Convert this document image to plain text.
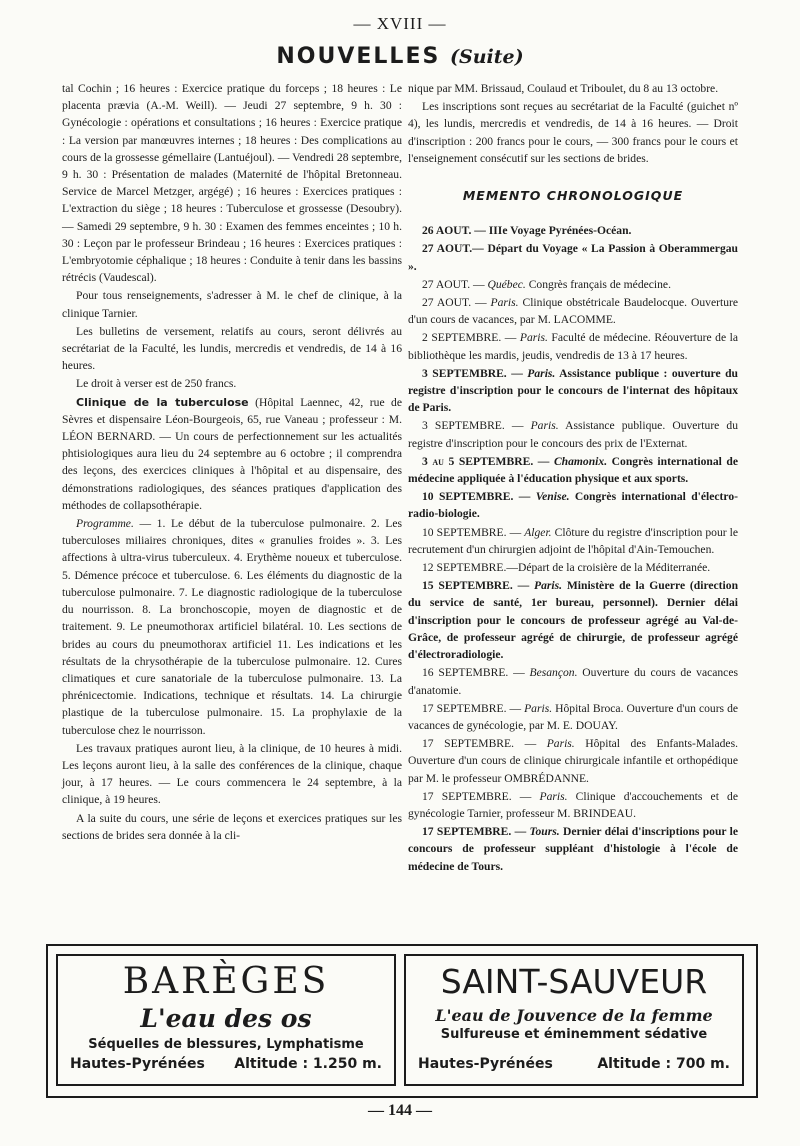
— XVIII —
NOUVELLES (Suite)

tal Cochin ; 16 heures : Exercice pratique du forceps ; 18 heures : Le placenta prævia (A.-M. Weill). — Jeudi 27 septembre, 9 h. 30 : Gynécologie : opérations et consultations ; 16 heures : Exercice pratique : La version par manœuvres internes ; 18 heures : Des complications au cours de la grossesse gémellaire (Lantuéjoul). — Vendredi 28 septembre, 9 h. 30 : Présentation de malades (Maternité de l'hôpital Bretonneau. Service de Marcel Metzger, argégé) ; 16 heures : Exercices pratiques : L'extraction du siège ; 18 heures : Tuberculose et grossesse (Desoubry). — Samedi 29 septembre, 9 h. 30 : Examen des femmes enceintes ; 10 h. 30 : Leçon par le professeur Brindeau ; 16 heures : Exercices pratiques : L'embryotomie céphalique ; 18 heures : Conduite à tenir dans les bassins rétrécis (Vaudescal).

Pour tous renseignements, s'adresser à M. le chef de clinique, à la clinique Tarnier.

Les bulletins de versement, relatifs au cours, seront délivrés au secrétariat de la Faculté, les lundis, mercredis et vendredis, de 14 à 16 heures.

Le droit à verser est de 250 francs.

Clinique de la tuberculose (Hôpital Laennec, 42, rue de Sèvres et dispensaire Léon-Bourgeois, 65, rue Vaneau ; professeur : M. LÉON BERNARD. — Un cours de perfectionnement sur les actualités phtisiologiques aura lieu du 24 septembre au 6 octobre ; il comprendra des leçons, des exercices cliniques à l'hôpital et au dispensaire, des démonstrations radiologiques, des séances pratiques d'application des méthodes de collapsothérapie.

Programme. — 1. Le début de la tuberculose pulmonaire. 2. Les tuberculoses miliaires chroniques, dites « granulies froides ». 3. Les affections à ultra-virus tuberculeux. 4. Erythème noueux et tuberculose. 5. Démence précoce et tuberculose. 6. Les éléments du diagnostic de la tuberculose pulmonaire. 7. Le diagnostic radiologique de la tuberculose du nourrisson. 8. La bronchoscopie, moyen de diagnostic et de traitement. 9. Le pneumothorax artificiel bilatéral. 10. Les sections de brides au cours du pneumothorax artificiel 11. Les indications et les résultats de la chrysothérapie de la tuberculose pulmonaire. 12. Cures climatiques et cure sanatoriale de la tuberculose pulmonaire. 13. La phrénicectomie. Indications, technique et résultats. 14. La chirurgie plastique de la tuberculose pulmonaire. 15. La prophylaxie de la tuberculose chez le nourrisson.

Les travaux pratiques auront lieu, à la clinique, de 10 heures à midi. Les leçons auront lieu, à la salle des conférences de la clinique, chaque jour, à 17 heures. — Le cours commencera le 24 septembre, à la clinique, à 19 heures.

A la suite du cours, une série de leçons et exercices pratiques sur les sections de brides sera donnée à la cli-

nique par MM. Brissaud, Coulaud et Triboulet, du 8 au 13 octobre.

Les inscriptions sont reçues au secrétariat de la Faculté (guichet nº 4), les lundis, mercredis et vendredis, de 14 à 16 heures. — Droit d'inscription : 200 francs pour le cours, — 300 francs pour le cours et l'enseignement consécutif sur les sections de brides.

MEMENTO CHRONOLOGIQUE

26 AOUT. — IIIe Voyage Pyrénées-Océan.

27 AOUT.— Départ du Voyage « La Passion à Oberammergau ».

27 AOUT. — Québec. Congrès français de médecine.

27 AOUT. — Paris. Clinique obstétricale Baudelocque. Ouverture d'un cours de vacances, par M. LACOMME.

2 SEPTEMBRE. — Paris. Faculté de médecine. Réouverture de la bibliothèque les mardis, jeudis, vendredis de 13 à 17 heures.

3 SEPTEMBRE. — Paris. Assistance publique : ouverture du registre d'inscription pour le concours de l'internat des hôpitaux de Paris.

3 SEPTEMBRE. — Paris. Assistance publique. Ouverture du registre d'inscription pour le concours des prix de l'Externat.

3 au 5 SEPTEMBRE. — Chamonix. Congrès international de médecine appliquée à l'éducation physique et aux sports.

10 SEPTEMBRE. — Venise. Congrès international d'électro-radio-biologie.

10 SEPTEMBRE. — Alger. Clôture du registre d'inscription pour le recrutement d'un chirurgien adjoint de l'hôpital d'Ain-Temouchen.

12 SEPTEMBRE.—Départ de la croisière de la Méditerranée.

15 SEPTEMBRE. — Paris. Ministère de la Guerre (direction du service de santé, 1er bureau, personnel). Dernier délai d'inscription pour le concours de professeur agrégé au Val-de-Grâce, de professeur agrégé de chirurgie, de professeur agrégé d'électroradiologie.

16 SEPTEMBRE. — Besançon. Ouverture du cours de vacances d'anatomie.

17 SEPTEMBRE. — Paris. Hôpital Broca. Ouverture d'un cours de vacances de gynécologie, par M. E. DOUAY.

17 SEPTEMBRE. — Paris. Hôpital des Enfants-Malades. Ouverture d'un cours de clinique chirurgicale infantile et orthopédique par M. le professeur OMBRÉDANNE.

17 SEPTEMBRE. — Paris. Clinique d'accouchements et de gynécologie Tarnier, professeur M. BRINDEAU.

17 SEPTEMBRE. — Tours. Dernier délai d'inscriptions pour le concours de professeur suppléant d'histologie à l'école de médecine de Tours.

BARÈGES
L'eau des os
Séquelles de blessures, Lymphatisme
Hautes-Pyrénées Altitude : 1.250 m.
SAINT-SAUVEUR
L'eau de Jouvence de la femme
Sulfureuse et éminemment sédative
Hautes-Pyrénées	Altitude : 700 m.
— 144 —
